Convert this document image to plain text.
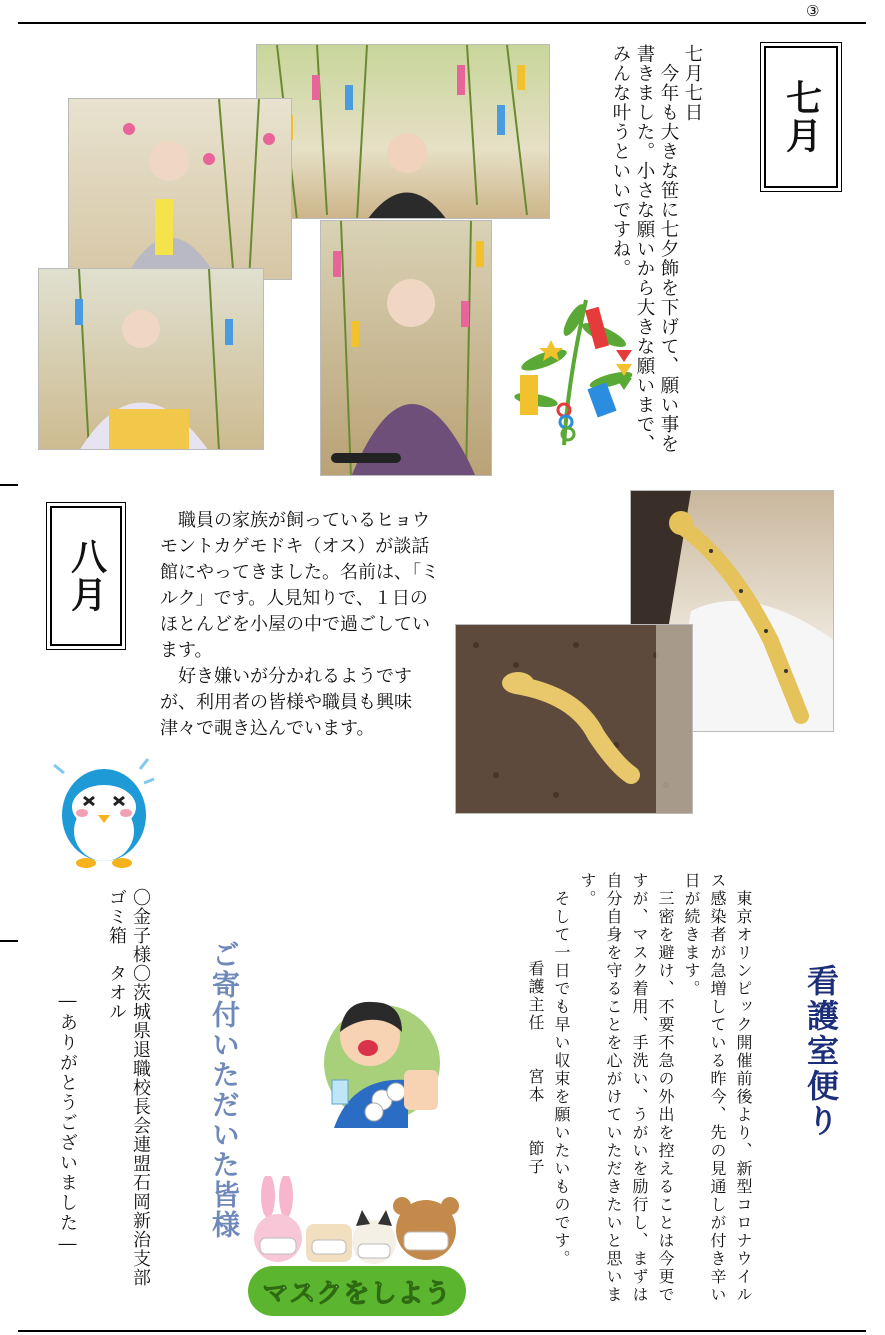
③
七月
七月七日
　今年も大きな笹に七夕飾を下げて、願い事を書きました。小さな願いから大きな願いまで、みんな叶うといいですね。
八月

　職員の家族が飼っているヒョウモントカゲモドキ（オス）が談話館にやってきました。名前は、「ミルク」です。人見知りで、１日のほとんどを小屋の中で過ごしています。

　好き嫌いが分かれるようですが、利用者の皆様や職員も興味津々で覗き込んでいます。

ご寄付いただいた皆様
〇金子様
ゴミ箱
〇茨城県退職校長会連盟石岡新治支部
タオル
―ありがとうございました―
マスクをしよう
看護室便り
　東京オリンピック開催前後より、新型コロナウイルス感染者が急増している昨今、先の見通しが付き辛い日が続きます。
　三密を避け、不要不急の外出を控えることは今更ですが、マスク着用、手洗い、うがいを励行し、まずは自分自身を守ることを心がけていただきたいと思います。
　そして一日でも早い収束を願いたいものです。
看護主任　　宮本　　節子
